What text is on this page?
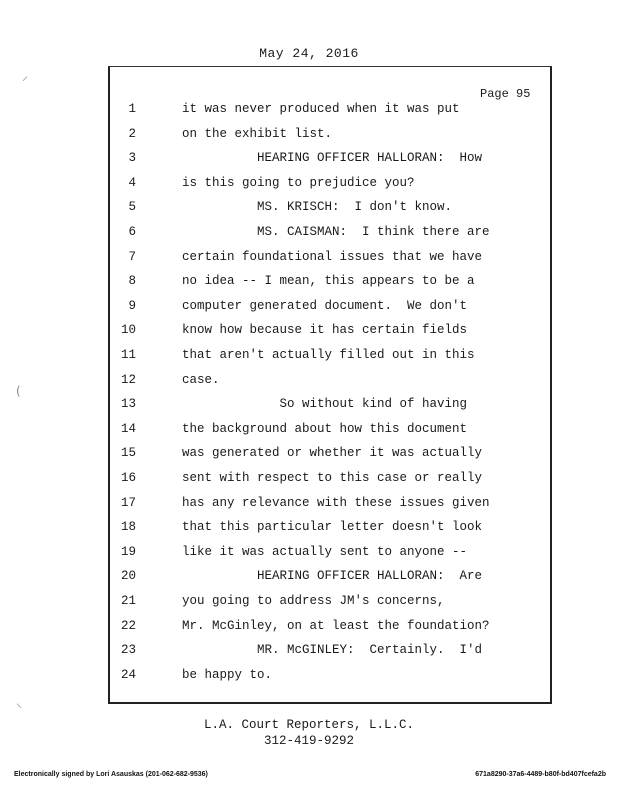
May 24, 2016
Page 95
1	it was never produced when it was put
2	on the exhibit list.
3	HEARING OFFICER HALLORAN:  How
4	is this going to prejudice you?
5	MS. KRISCH:  I don't know.
6	MS. CAISMAN:  I think there are
7	certain foundational issues that we have
8	no idea -- I mean, this appears to be a
9	computer generated document.  We don't
10	know how because it has certain fields
11	that aren't actually filled out in this
12	case.
13	So without kind of having
14	the background about how this document
15	was generated or whether it was actually
16	sent with respect to this case or really
17	has any relevance with these issues given
18	that this particular letter doesn't look
19	like it was actually sent to anyone --
20	HEARING OFFICER HALLORAN:  Are
21	you going to address JM's concerns,
22	Mr. McGinley, on at least the foundation?
23	MR. McGINLEY:  Certainly.  I'd
24	be happy to.
L.A. Court Reporters, L.L.C.
312-419-9292
Electronically signed by Lori Asauskas (201-062-682-9536)	671a8290-37a6-4489-b80f-bd407fcefa2b
⸍
(
⸜
